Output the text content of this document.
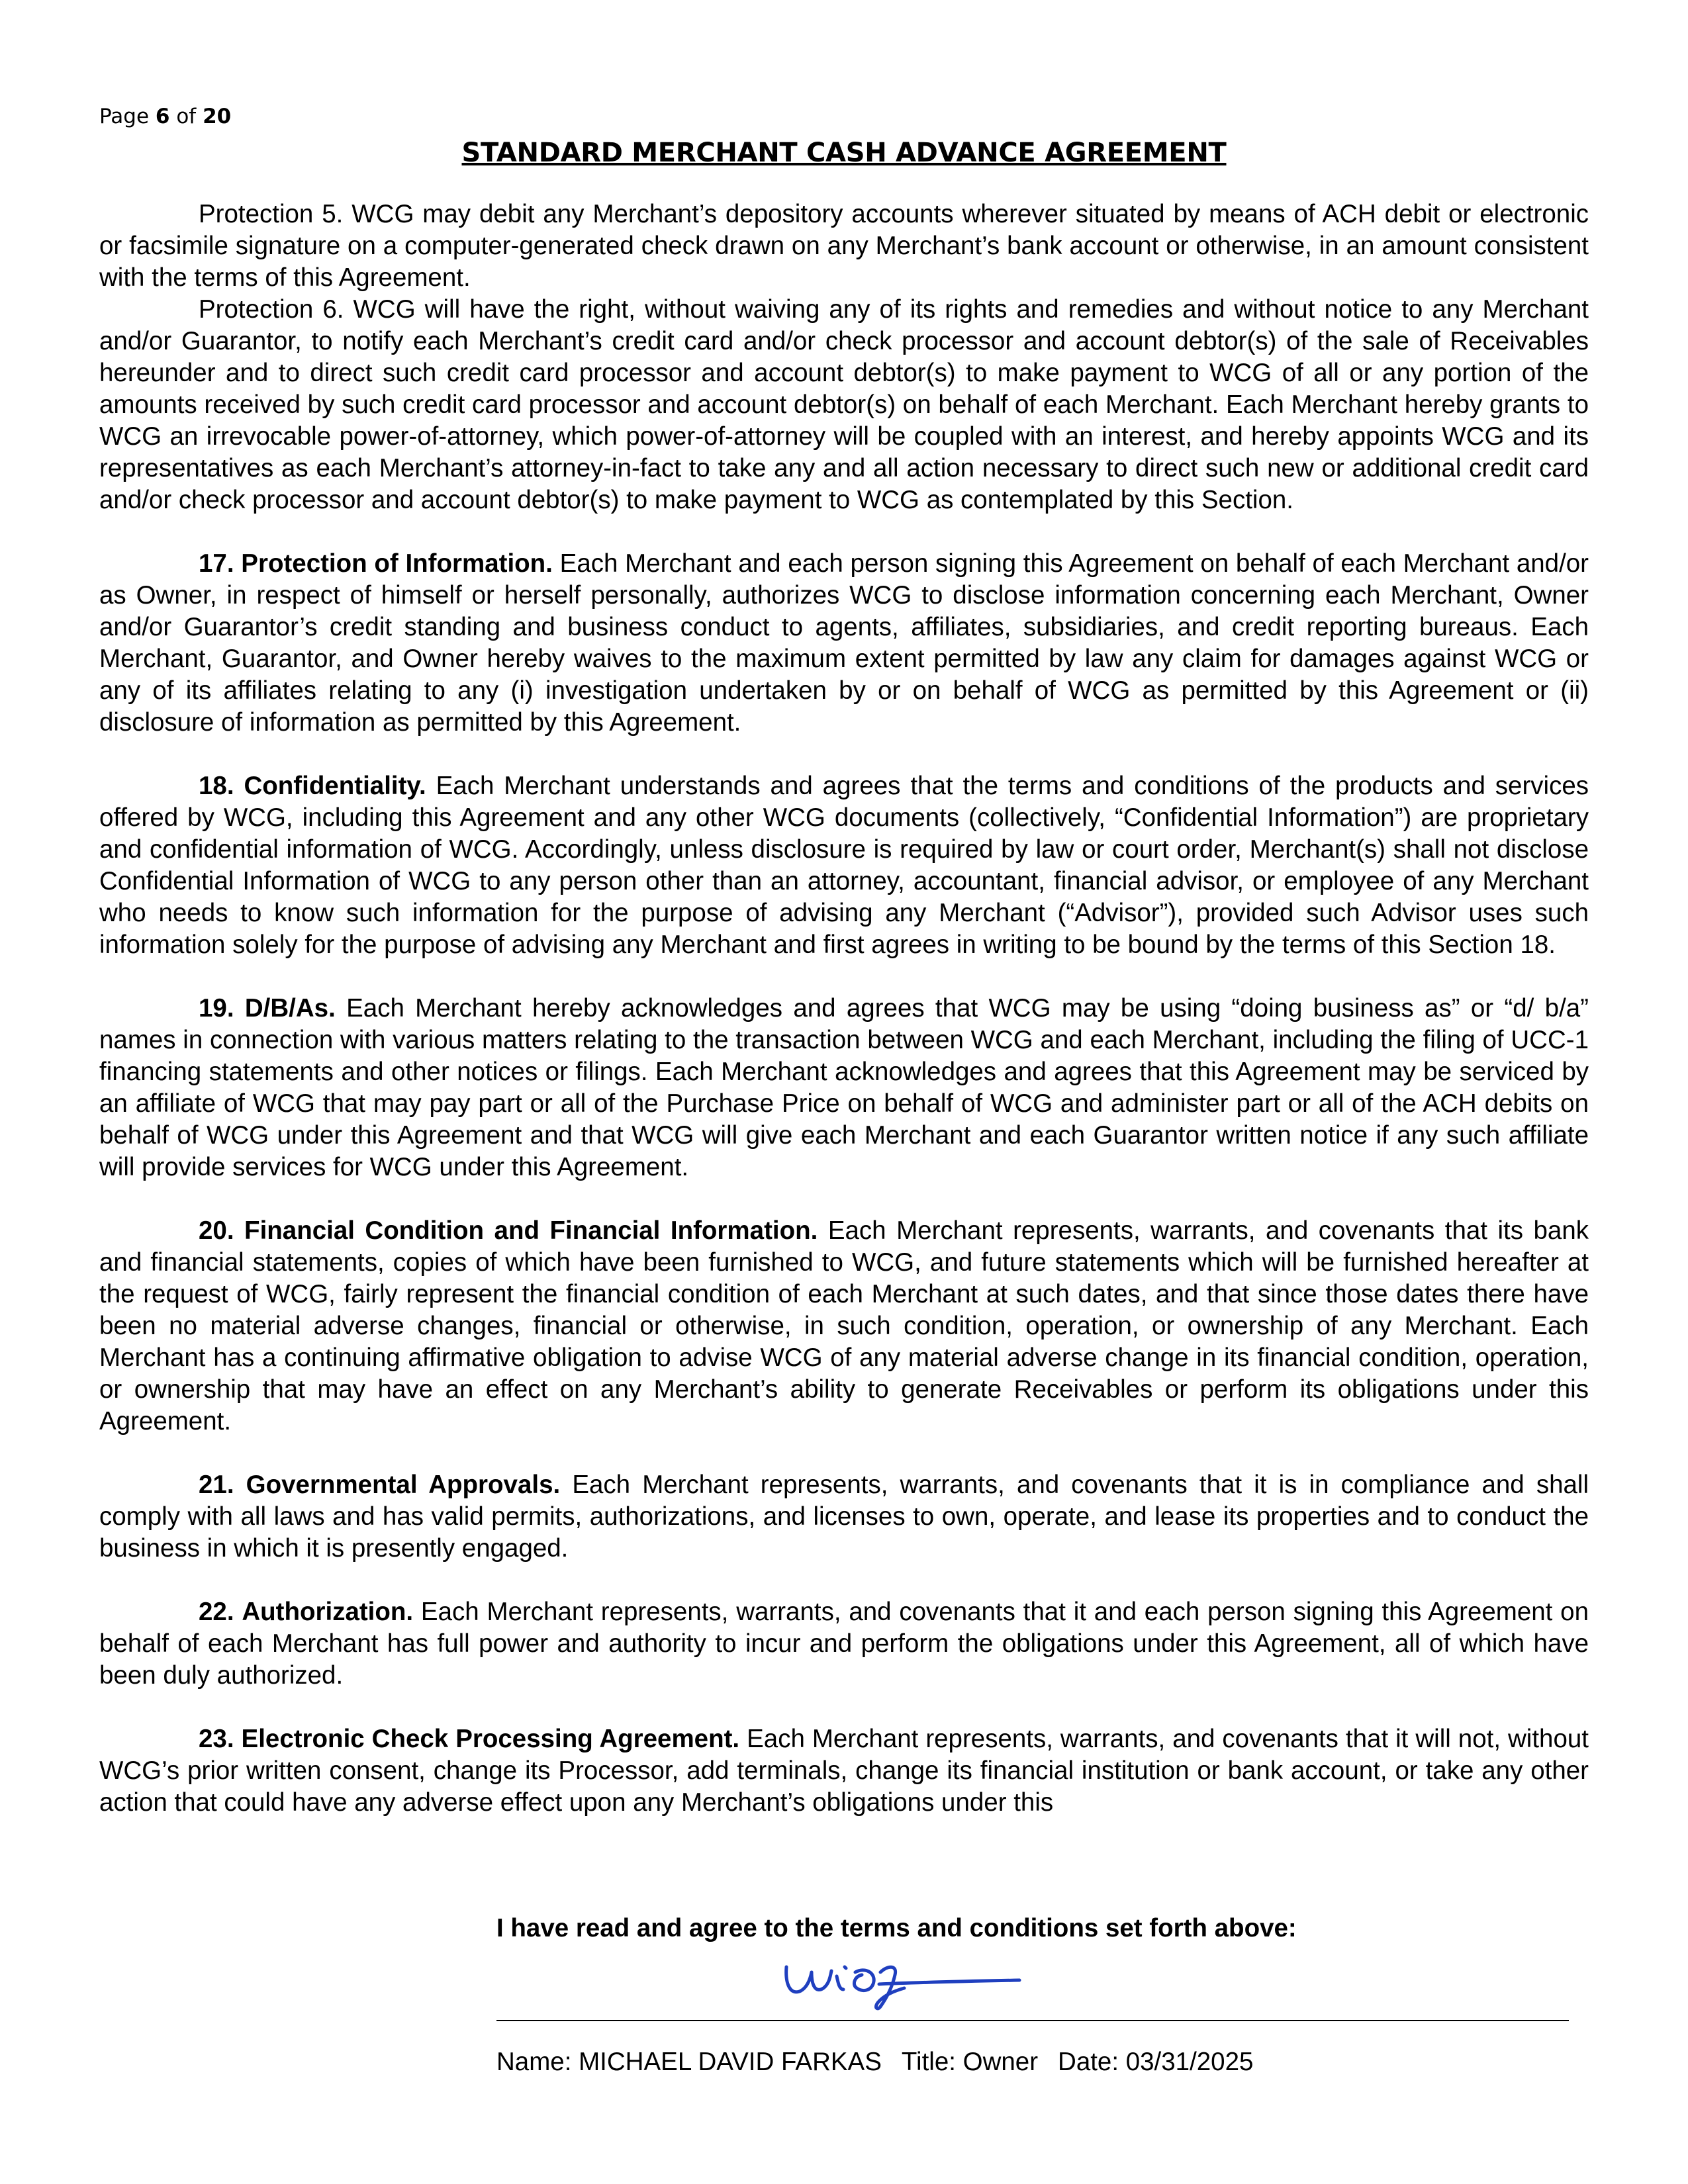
Page 6 of 20
STANDARD MERCHANT CASH ADVANCE AGREEMENT

Protection 5. WCG may debit any Merchant’s depository accounts wherever situated by means of ACH debit or electronic or facsimile signature on a computer-generated check drawn on any Merchant’s bank account or otherwise, in an amount consistent with the terms of this Agreement.

Protection 6. WCG will have the right, without waiving any of its rights and remedies and without notice to any Merchant and/or Guarantor, to notify each Merchant’s credit card and/or check processor and account debtor(s) of the sale of Receivables hereunder and to direct such credit card processor and account debtor(s) to make payment to WCG of all or any portion of the amounts received by such credit card processor and account debtor(s) on behalf of each Merchant. Each Merchant hereby grants to WCG an irrevocable power-of-attorney, which power-of-attorney will be coupled with an interest, and hereby appoints WCG and its representatives as each Merchant’s attorney-in-fact to take any and all action necessary to direct such new or additional credit card and/or check processor and account debtor(s) to make payment to WCG as contemplated by this Section.

17. Protection of Information. Each Merchant and each person signing this Agreement on behalf of each Merchant and/or as Owner, in respect of himself or herself personally, authorizes WCG to disclose information concerning each Merchant, Owner and/or Guarantor’s credit standing and business conduct to agents, affiliates, subsidiaries, and credit reporting bureaus. Each Merchant, Guarantor, and Owner hereby waives to the maximum extent permitted by law any claim for damages against WCG or any of its affiliates relating to any (i) investigation undertaken by or on behalf of WCG as permitted by this Agreement or (ii) disclosure of information as permitted by this Agreement.

18. Confidentiality. Each Merchant understands and agrees that the terms and conditions of the products and services offered by WCG, including this Agreement and any other WCG documents (collectively, “Confidential Information”) are proprietary and confidential information of WCG. Accordingly, unless disclosure is required by law or court order, Merchant(s) shall not disclose Confidential Information of WCG to any person other than an attorney, accountant, financial advisor, or employee of any Merchant who needs to know such information for the purpose of advising any Merchant (“Advisor”), provided such Advisor uses such information solely for the purpose of advising any Merchant and first agrees in writing to be bound by the terms of this Section 18.

19. D/B/As. Each Merchant hereby acknowledges and agrees that WCG may be using “doing business as” or “d/ b/a” names in connection with various matters relating to the transaction between WCG and each Merchant, including the filing of UCC-1 financing statements and other notices or filings. Each Merchant acknowledges and agrees that this Agreement may be serviced by an affiliate of WCG that may pay part or all of the Purchase Price on behalf of WCG and administer part or all of the ACH debits on behalf of WCG under this Agreement and that WCG will give each Merchant and each Guarantor written notice if any such affiliate will provide services for WCG under this Agreement.

20. Financial Condition and Financial Information. Each Merchant represents, warrants, and covenants that its bank and financial statements, copies of which have been furnished to WCG, and future statements which will be furnished hereafter at the request of WCG, fairly represent the financial condition of each Merchant at such dates, and that since those dates there have been no material adverse changes, financial or otherwise, in such condition, operation, or ownership of any Merchant. Each Merchant has a continuing affirmative obligation to advise WCG of any material adverse change in its financial condition, operation, or ownership that may have an effect on any Merchant’s ability to generate Receivables or perform its obligations under this Agreement.

21. Governmental Approvals. Each Merchant represents, warrants, and covenants that it is in compliance and shall comply with all laws and has valid permits, authorizations, and licenses to own, operate, and lease its properties and to conduct the business in which it is presently engaged.

22. Authorization. Each Merchant represents, warrants, and covenants that it and each person signing this Agreement on behalf of each Merchant has full power and authority to incur and perform the obligations under this Agreement, all of which have been duly authorized.

23. Electronic Check Processing Agreement. Each Merchant represents, warrants, and covenants that it will not, without WCG’s prior written consent, change its Processor, add terminals, change its financial institution or bank account, or take any other action that could have any adverse effect upon any Merchant’s obligations under this

I have read and agree to the terms and conditions set forth above:
Name: MICHAEL DAVID FARKAS Title: Owner Date: 03/31/2025
